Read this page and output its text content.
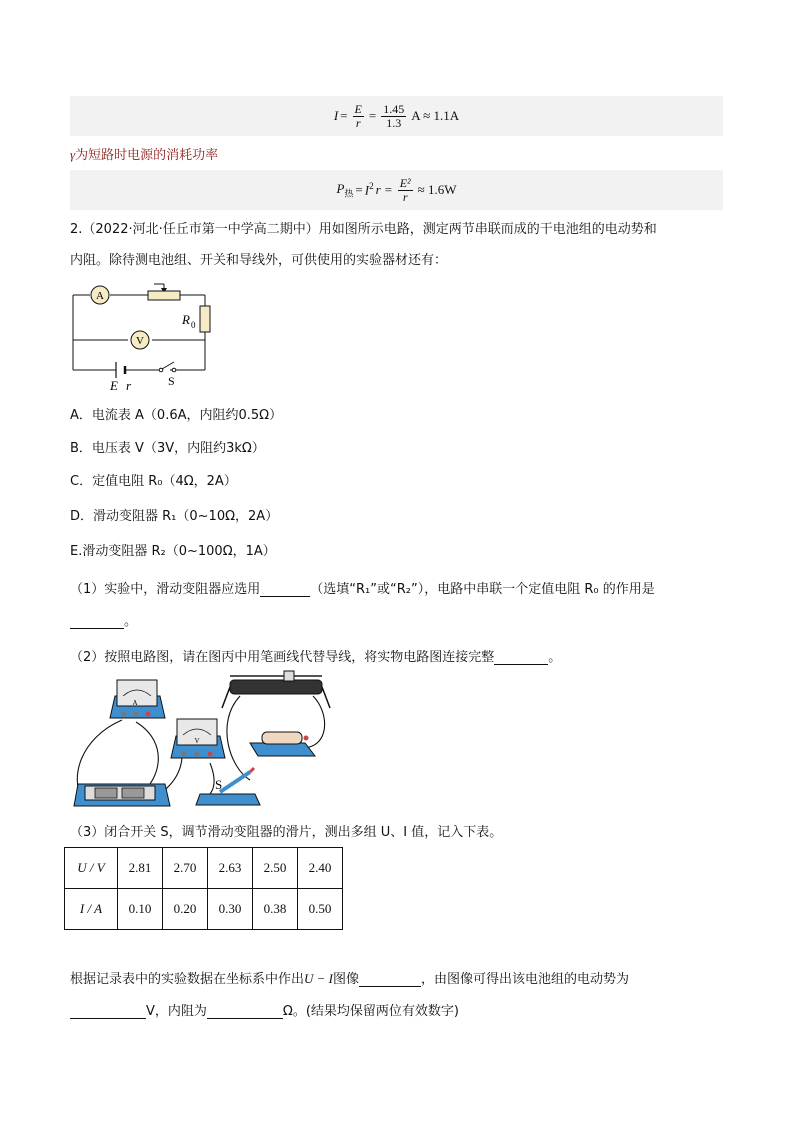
$I = \frac{E}{r} = \frac{1.45}{1.3}$ A ≈ 1.1A
γ为短路时电源的消耗功率
$P_热 = I^2$ $r = \frac{\text{E²}}{r} \approx 1.6W$
2.（2022·河北·任丘市第一中学高二期中）用如图所示电路，测定两节串联而成的干电池组的电动势和
内阻。除待测电池组、开关和导线外，可供使用的实验器材还有：
A
V
R 0
E r	S
A．电流表 A（0.6A，内阻约0.5Ω）
B．电压表 V（3V，内阻约3kΩ）
C．定值电阻 R₀（4Ω，2A）
D．滑动变阻器 R₁（0~10Ω，2A）
E.滑动变阻器 R₂（0~100Ω，1A）
（1）实验中，滑动变阻器应选用	（选填“R₁”或“R₂”），电路中串联一个定值电阻 R₀ 的作用是
。
（2）按照电路图，请在图丙中用笔画线代替导线，将实物电路图连接完整	。
A
V
S
（3）闭合开关 S，调节滑动变阻器的滑片，测出多组 U、I 值，记入下表。
U / V	2.81	2.70	2.63	2.50	2.40
I / A	0.10	0.20	0.30	0.38	0.50
根据记录表中的实验数据在坐标系中作出U − I图像	，由图像可得出该电池组的电动势为
V，内阻为	Ω。(结果均保留两位有效数字)
